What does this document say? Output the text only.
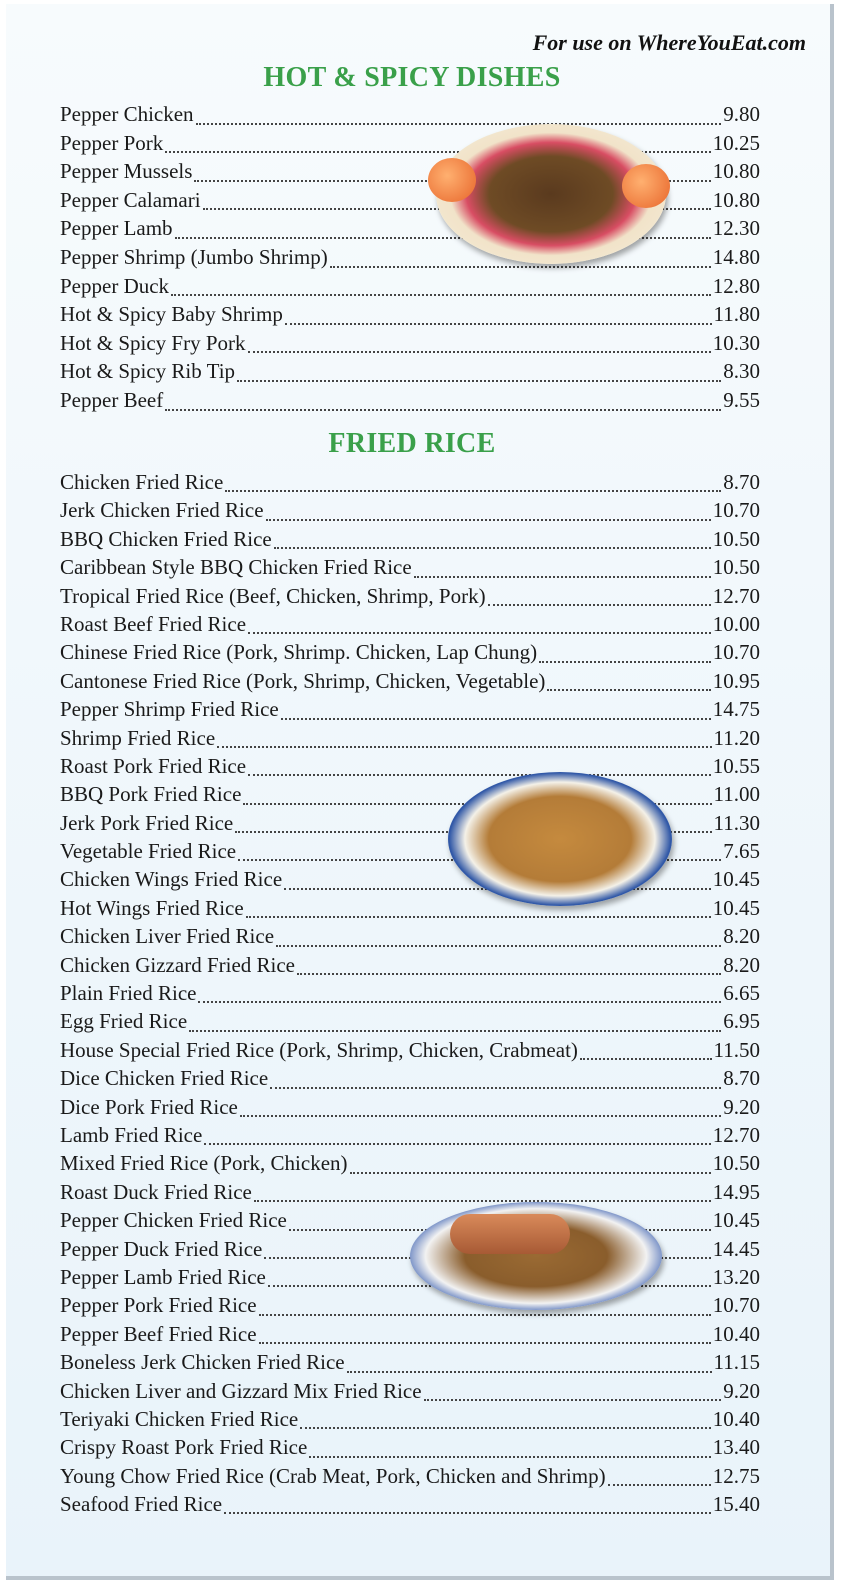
For use on WhereYouEat.com
HOT & SPICY DISHES
Pepper Chicken	9.80
Pepper Pork	10.25
Pepper Mussels	10.80
Pepper Calamari	10.80
Pepper Lamb	12.30
Pepper Shrimp (Jumbo Shrimp)	14.80
Pepper Duck	12.80
Hot & Spicy Baby Shrimp	11.80
Hot & Spicy Fry Pork	10.30
Hot & Spicy Rib Tip	8.30
Pepper Beef	9.55
FRIED RICE
Chicken Fried Rice	8.70
Jerk Chicken Fried Rice	10.70
BBQ Chicken Fried Rice	10.50
Caribbean Style BBQ Chicken Fried Rice	10.50
Tropical Fried Rice (Beef, Chicken, Shrimp, Pork)	12.70
Roast Beef Fried Rice	10.00
Chinese Fried Rice (Pork, Shrimp. Chicken, Lap Chung)	10.70
Cantonese Fried Rice (Pork, Shrimp, Chicken, Vegetable)	10.95
Pepper Shrimp Fried Rice	14.75
Shrimp Fried Rice	11.20
Roast Pork Fried Rice	10.55
BBQ Pork Fried Rice	11.00
Jerk Pork Fried Rice	11.30
Vegetable Fried Rice	7.65
Chicken Wings Fried Rice	10.45
Hot Wings Fried Rice	10.45
Chicken Liver Fried Rice	8.20
Chicken Gizzard Fried Rice	8.20
Plain Fried Rice	6.65
Egg Fried Rice	6.95
House Special Fried Rice (Pork, Shrimp, Chicken, Crabmeat)	11.50
Dice Chicken Fried Rice	8.70
Dice Pork Fried Rice	9.20
Lamb Fried Rice	12.70
Mixed Fried Rice (Pork, Chicken)	10.50
Roast Duck Fried Rice	14.95
Pepper Chicken Fried Rice	10.45
Pepper Duck Fried Rice	14.45
Pepper Lamb Fried Rice	13.20
Pepper Pork Fried Rice	10.70
Pepper Beef Fried Rice	10.40
Boneless Jerk Chicken Fried Rice	11.15
Chicken Liver and Gizzard Mix Fried Rice	9.20
Teriyaki Chicken Fried Rice	10.40
Crispy Roast Pork Fried Rice	13.40
Young Chow Fried Rice (Crab Meat, Pork, Chicken and Shrimp)	12.75
Seafood Fried Rice	15.40
